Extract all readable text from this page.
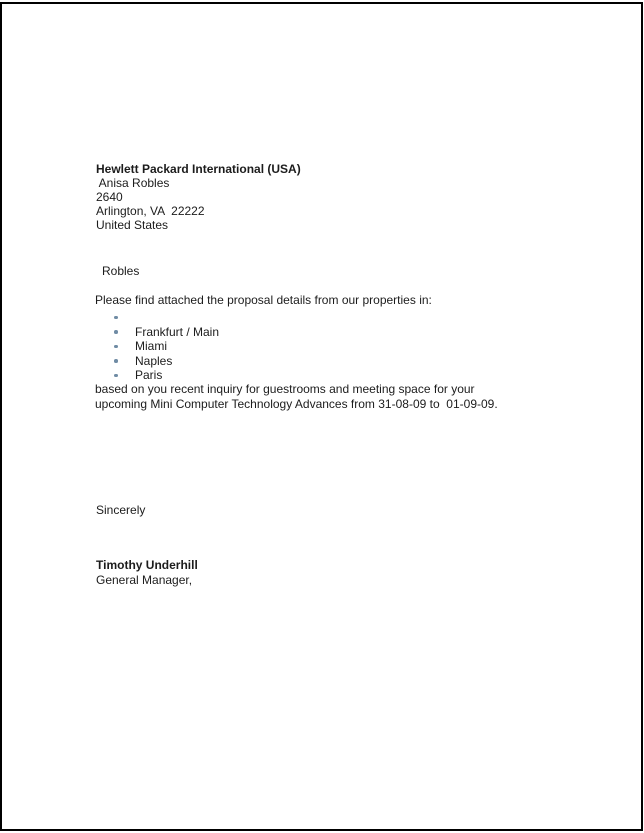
Hewlett Packard International (USA)
Anisa Robles
2640
Arlington, VA  22222
United States
Robles
Please find attached the proposal details from our properties in:
Frankfurt / Main
Miami
Naples
Paris
based on you recent inquiry for guestrooms and meeting space for your
upcoming Mini Computer Technology Advances from 31-08-09 to  01-09-09.
Sincerely
Timothy Underhill
General Manager,
